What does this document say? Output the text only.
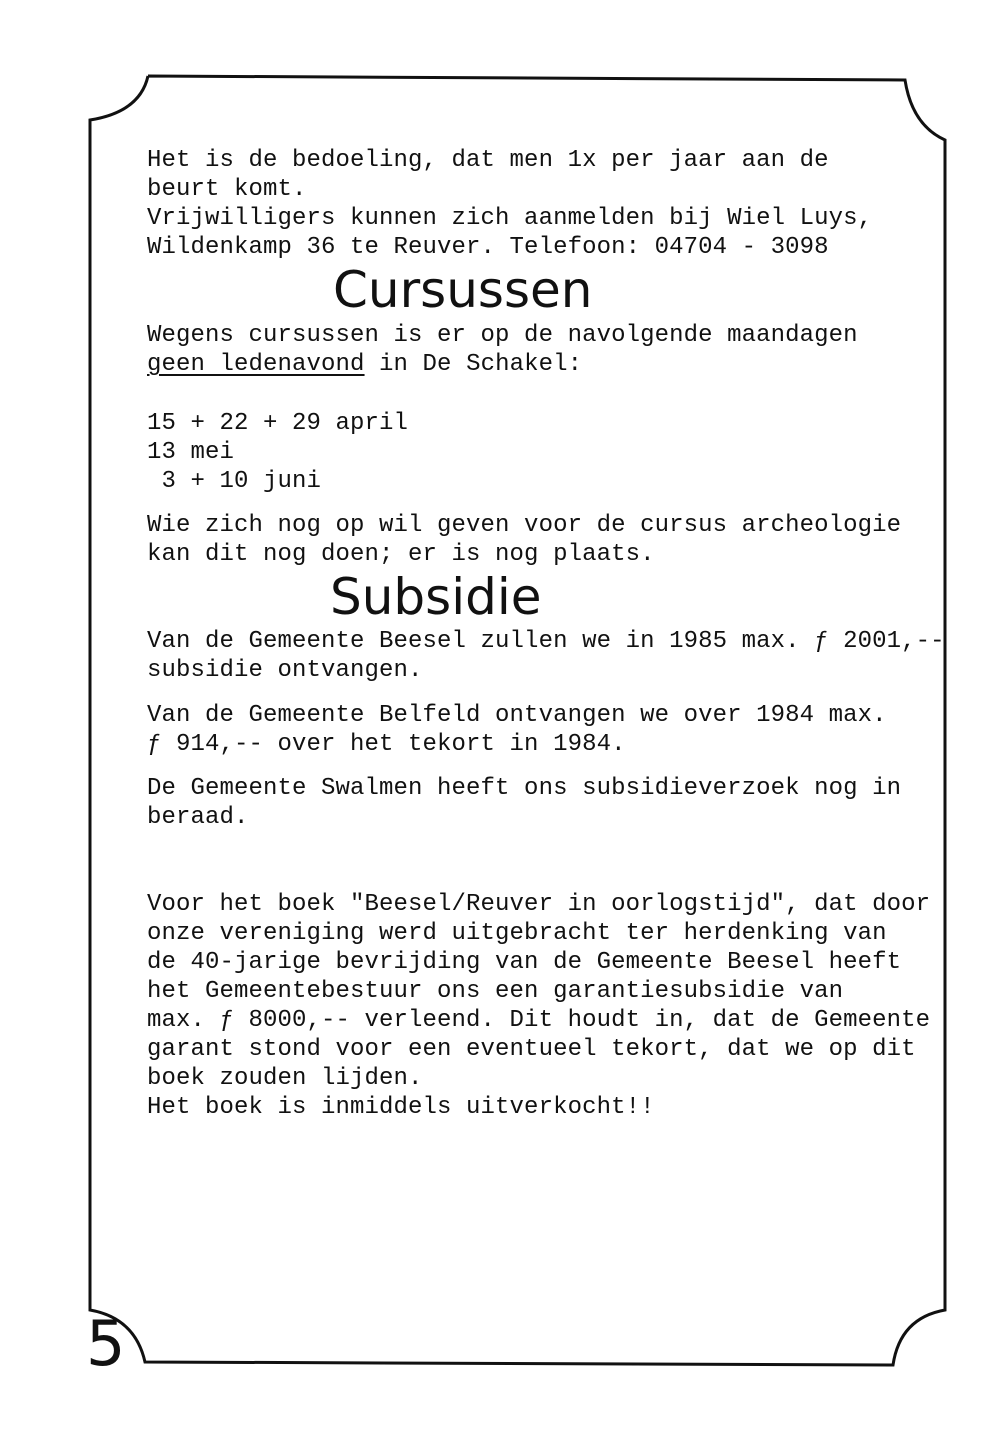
Het is de bedoeling, dat men 1x per jaar aan de
beurt komt.
Vrijwilligers kunnen zich aanmelden bij Wiel Luys,
Wildenkamp 36 te Reuver. Telefoon: 04704 - 3098
Cursussen
Wegens cursussen is er op de navolgende maandagen
geen ledenavond in De Schakel:
15 + 22 + 29 april
13 mei
3 + 10 juni
Wie zich nog op wil geven voor de cursus archeologie
kan dit nog doen; er is nog plaats.
Subsidie
Van de Gemeente Beesel zullen we in 1985 max. ƒ 2001,--
subsidie ontvangen.
Van de Gemeente Belfeld ontvangen we over 1984 max.
ƒ 914,-- over het tekort in 1984.
De Gemeente Swalmen heeft ons subsidieverzoek nog in
beraad.
Voor het boek "Beesel/Reuver in oorlogstijd", dat door
onze vereniging werd uitgebracht ter herdenking van
de 40-jarige bevrijding van de Gemeente Beesel heeft
het Gemeentebestuur ons een garantiesubsidie van
max. ƒ 8000,-- verleend. Dit houdt in, dat de Gemeente
garant stond voor een eventueel tekort, dat we op dit
boek zouden lijden.
Het boek is inmiddels uitverkocht!!
5
